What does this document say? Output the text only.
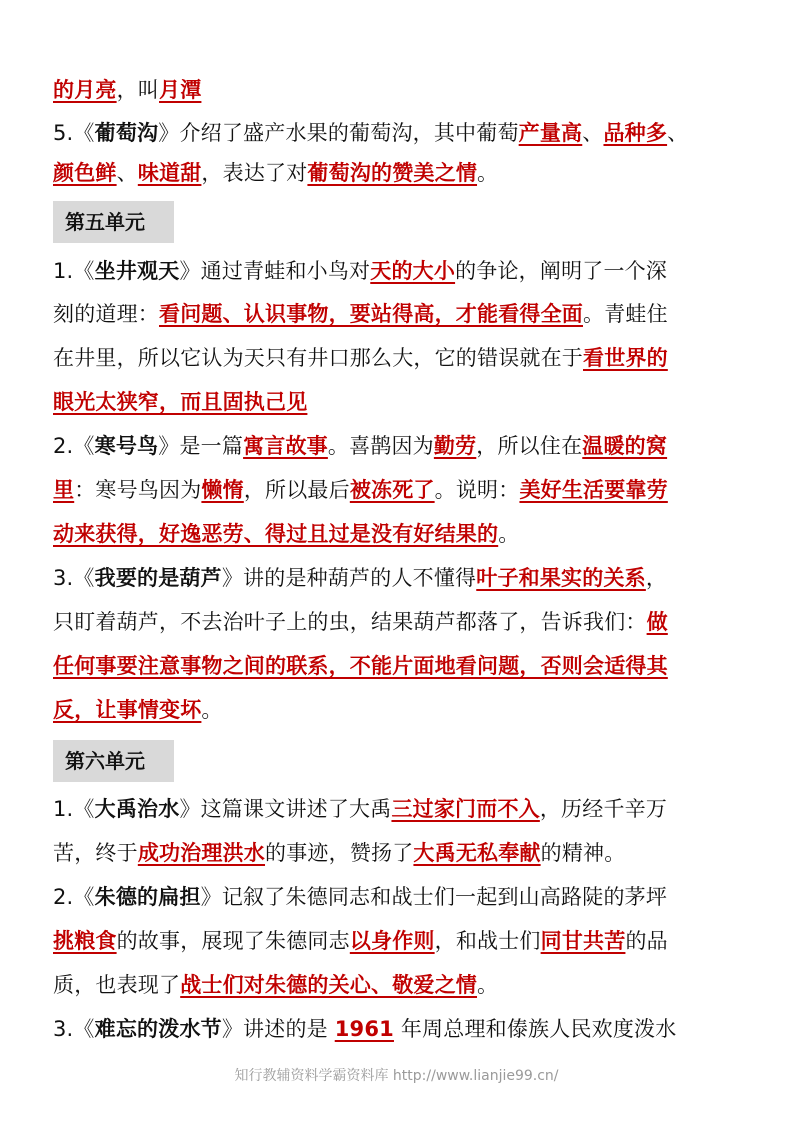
的月亮，叫月潭
5.《葡萄沟》介绍了盛产水果的葡萄沟，其中葡萄产量高、品种多、
颜色鲜、味道甜，表达了对葡萄沟的赞美之情。
1.《坐井观天》通过青蛙和小鸟对天的大小的争论，阐明了一个深
刻的道理：看问题、认识事物，要站得高，才能看得全面。青蛙住
在井里，所以它认为天只有井口那么大，它的错误就在于看世界的
眼光太狭窄，而且固执己见
2.《寒号鸟》是一篇寓言故事。喜鹊因为勤劳，所以住在温暖的窝
里：寒号鸟因为懒惰，所以最后被冻死了。说明：美好生活要靠劳
动来获得，好逸恶劳、得过且过是没有好结果的。
3.《我要的是葫芦》讲的是种葫芦的人不懂得叶子和果实的关系，
只盯着葫芦，不去治叶子上的虫，结果葫芦都落了，告诉我们：做
任何事要注意事物之间的联系，不能片面地看问题，否则会适得其
反，让事情变坏。
1.《大禹治水》这篇课文讲述了大禹三过家门而不入，历经千辛万
苦，终于成功治理洪水的事迹，赞扬了大禹无私奉献的精神。
2.《朱德的扁担》记叙了朱德同志和战士们一起到山高路陡的茅坪
挑粮食的故事，展现了朱德同志以身作则，和战士们同甘共苦的品
质，也表现了战士们对朱德的关心、敬爱之情。
3.《难忘的泼水节》讲述的是 1961 年周总理和傣族人民欢度泼水
第五单元
第六单元
知行教辅资料学霸资料库 http://www.lianjie99.cn/
